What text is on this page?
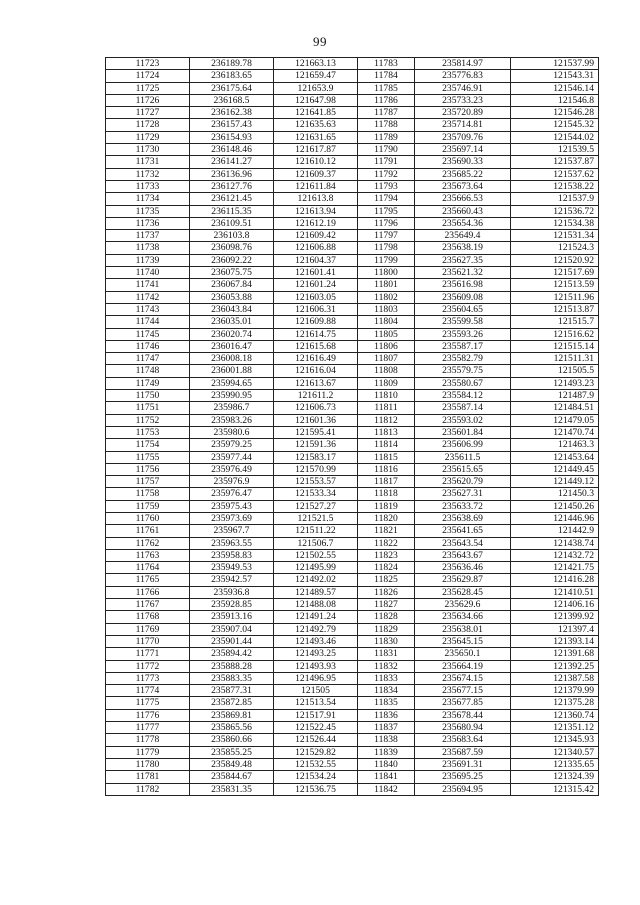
99
11723	236189.78	121663.13	11783	235814.97	121537.99
11724	236183.65	121659.47	11784	235776.83	121543.31
11725	236175.64	121653.9	11785	235746.91	121546.14
11726	236168.5	121647.98	11786	235733.23	121546.8
11727	236162.38	121641.85	11787	235720.89	121546.28
11728	236157.43	121635.63	11788	235714.81	121545.32
11729	236154.93	121631.65	11789	235709.76	121544.02
11730	236148.46	121617.87	11790	235697.14	121539.5
11731	236141.27	121610.12	11791	235690.33	121537.87
11732	236136.96	121609.37	11792	235685.22	121537.62
11733	236127.76	121611.84	11793	235673.64	121538.22
11734	236121.45	121613.8	11794	235666.53	121537.9
11735	236115.35	121613.94	11795	235660.43	121536.72
11736	236109.51	121612.19	11796	235654.36	121534.38
11737	236103.8	121609.42	11797	235649.4	121531.34
11738	236098.76	121606.88	11798	235638.19	121524.3
11739	236092.22	121604.37	11799	235627.35	121520.92
11740	236075.75	121601.41	11800	235621.32	121517.69
11741	236067.84	121601.24	11801	235616.98	121513.59
11742	236053.88	121603.05	11802	235609.08	121511.96
11743	236043.84	121606.31	11803	235604.65	121513.87
11744	236035.01	121609.88	11804	235599.58	121515.7
11745	236020.74	121614.75	11805	235593.26	121516.62
11746	236016.47	121615.68	11806	235587.17	121515.14
11747	236008.18	121616.49	11807	235582.79	121511.31
11748	236001.88	121616.04	11808	235579.75	121505.5
11749	235994.65	121613.67	11809	235580.67	121493.23
11750	235990.95	121611.2	11810	235584.12	121487.9
11751	235986.7	121606.73	11811	235587.14	121484.51
11752	235983.26	121601.36	11812	235593.02	121479.05
11753	235980.6	121595.41	11813	235601.84	121470.74
11754	235979.25	121591.36	11814	235606.99	121463.3
11755	235977.44	121583.17	11815	235611.5	121453.64
11756	235976.49	121570.99	11816	235615.65	121449.45
11757	235976.9	121553.57	11817	235620.79	121449.12
11758	235976.47	121533.34	11818	235627.31	121450.3
11759	235975.43	121527.27	11819	235633.72	121450.26
11760	235973.69	121521.5	11820	235638.69	121446.96
11761	235967.7	121511.22	11821	235641.65	121442.9
11762	235963.55	121506.7	11822	235643.54	121438.74
11763	235958.83	121502.55	11823	235643.67	121432.72
11764	235949.53	121495.99	11824	235636.46	121421.75
11765	235942.57	121492.02	11825	235629.87	121416.28
11766	235936.8	121489.57	11826	235628.45	121410.51
11767	235928.85	121488.08	11827	235629.6	121406.16
11768	235913.16	121491.24	11828	235634.66	121399.92
11769	235907.04	121492.79	11829	235638.01	121397.4
11770	235901.44	121493.46	11830	235645.15	121393.14
11771	235894.42	121493.25	11831	235650.1	121391.68
11772	235888.28	121493.93	11832	235664.19	121392.25
11773	235883.35	121496.95	11833	235674.15	121387.58
11774	235877.31	121505	11834	235677.15	121379.99
11775	235872.85	121513.54	11835	235677.85	121375.28
11776	235869.81	121517.91	11836	235678.44	121360.74
11777	235865.56	121522.45	11837	235680.94	121351.12
11778	235860.66	121526.44	11838	235683.64	121345.93
11779	235855.25	121529.82	11839	235687.59	121340.57
11780	235849.48	121532.55	11840	235691.31	121335.65
11781	235844.67	121534.24	11841	235695.25	121324.39
11782	235831.35	121536.75	11842	235694.95	121315.42
